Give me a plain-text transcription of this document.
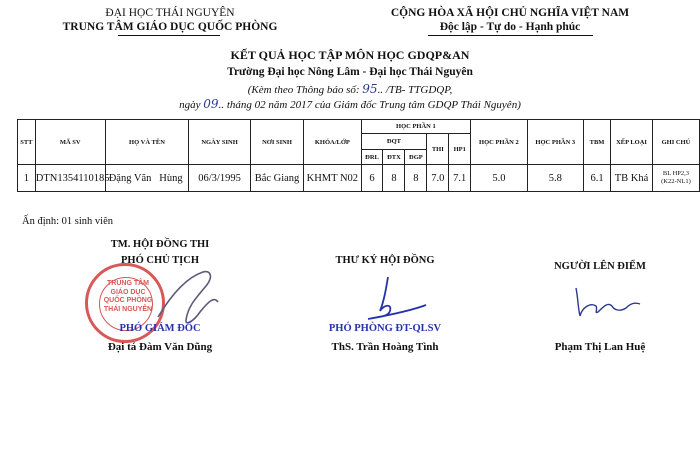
ĐẠI HỌC THÁI NGUYÊN
TRUNG TÂM GIÁO DỤC QUỐC PHÒNG
CỘNG HÒA XÃ HỘI CHỦ NGHĨA VIỆT NAM
Độc lập - Tự do - Hạnh phúc
KẾT QUẢ HỌC TẬP MÔN HỌC GDQP&AN
Trường Đại học Nông Lâm - Đại học Thái Nguyên
(Kèm theo Thông báo số: 95.. /TB- TTGDQP,
ngày 09.. tháng 02 năm 2017 của Giám đốc Trung tâm GDQP Thái Nguyên)
STT	MÃ SV	HỌ VÀ TÊN	NGÀY SINH	NƠI SINH	KHÓA/LỚP	HỌC PHẦN 1					HỌC PHẦN 2	HỌC PHẦN 3	TBM	XẾP LOẠI	GHI CHÚ
						ĐQT			THI	HP1					
						ĐRL	ĐTX	ĐGP							
1	DTN1354110185	Đặng Văn   Hùng	06/3/1995	Bắc Giang	KHMT N02	6	8	8	7.0	7.1	5.0	5.8	6.1	TB Khá	BL HP2,3
(K22-NL1)
Ấn định: 01 sinh viên
TM. HỘI ĐỒNG THI
PHÓ CHỦ TỊCH
TRUNG TÂM
GIÁO DỤC
QUỐC PHÒNG
THÁI NGUYÊN
PHÓ GIÁM ĐỐC
Đại tá Đàm Văn Dũng
THƯ KÝ HỘI ĐỒNG
PHÓ PHÒNG ĐT-QLSV
ThS. Trần Hoàng Tình
NGƯỜI LÊN ĐIỂM
Phạm Thị Lan Huệ
